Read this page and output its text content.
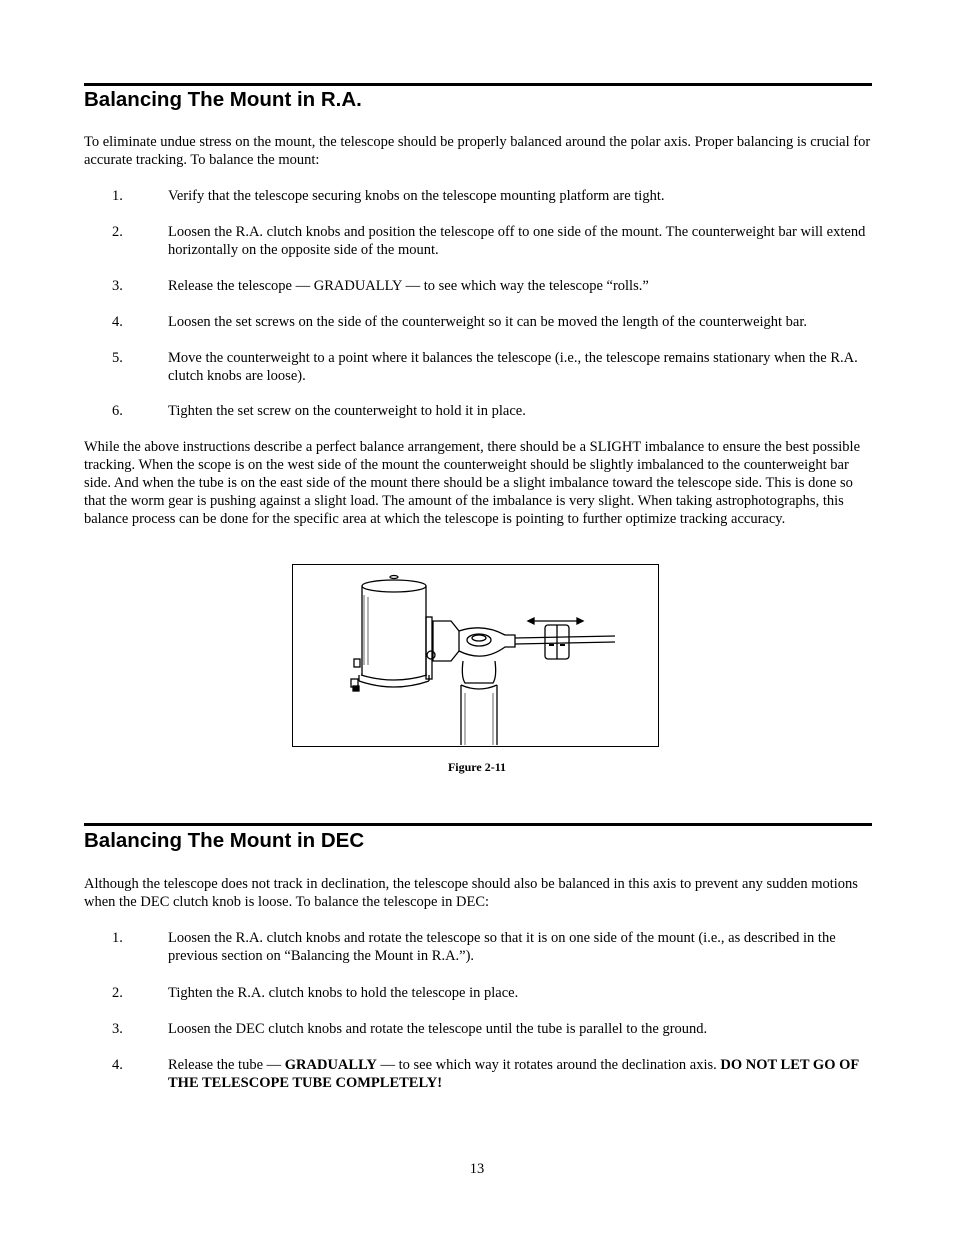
Balancing The Mount in R.A.

To eliminate undue stress on the mount, the telescope should be properly balanced around the polar axis. Proper balancing is crucial for accurate tracking. To balance the mount:

1.	Verify that the telescope securing knobs on the telescope mounting platform are tight.
2.	Loosen the R.A. clutch knobs and position the telescope off to one side of the mount. The counterweight bar will extend horizontally on the opposite side of the mount.
3.	Release the telescope — GRADUALLY — to see which way the telescope “rolls.”
4.	Loosen the set screws on the side of the counterweight so it can be moved the length of the counterweight bar.
5.	Move the counterweight to a point where it balances the telescope (i.e., the telescope remains stationary when the R.A. clutch knobs are loose).
6.	Tighten the set screw on the counterweight to hold it in place.

While the above instructions describe a perfect balance arrangement, there should be a SLIGHT imbalance to ensure the best possible tracking. When the scope is on the west side of the mount the counterweight should be slightly imbalanced to the counterweight bar side. And when the tube is on the east side of the mount there should be a slight imbalance toward the telescope side. This is done so that the worm gear is pushing against a slight load. The amount of the imbalance is very slight. When taking astrophotographs, this balance process can be done for the specific area at which the telescope is pointing to further optimize tracking accuracy.

Figure 2-11
Balancing The Mount in DEC

Although the telescope does not track in declination, the telescope should also be balanced in this axis to prevent any sudden motions when the DEC clutch knob is loose. To balance the telescope in DEC:

1.	Loosen the R.A. clutch knobs and rotate the telescope so that it is on one side of the mount (i.e., as described in the previous section on “Balancing the Mount in R.A.”).
2.	Tighten the R.A. clutch knobs to hold the telescope in place.
3.	Loosen the DEC clutch knobs and rotate the telescope until the tube is parallel to the ground.
4.	Release the tube — GRADUALLY — to see which way it rotates around the declination axis. DO NOT LET GO OF THE TELESCOPE TUBE COMPLETELY!
13
